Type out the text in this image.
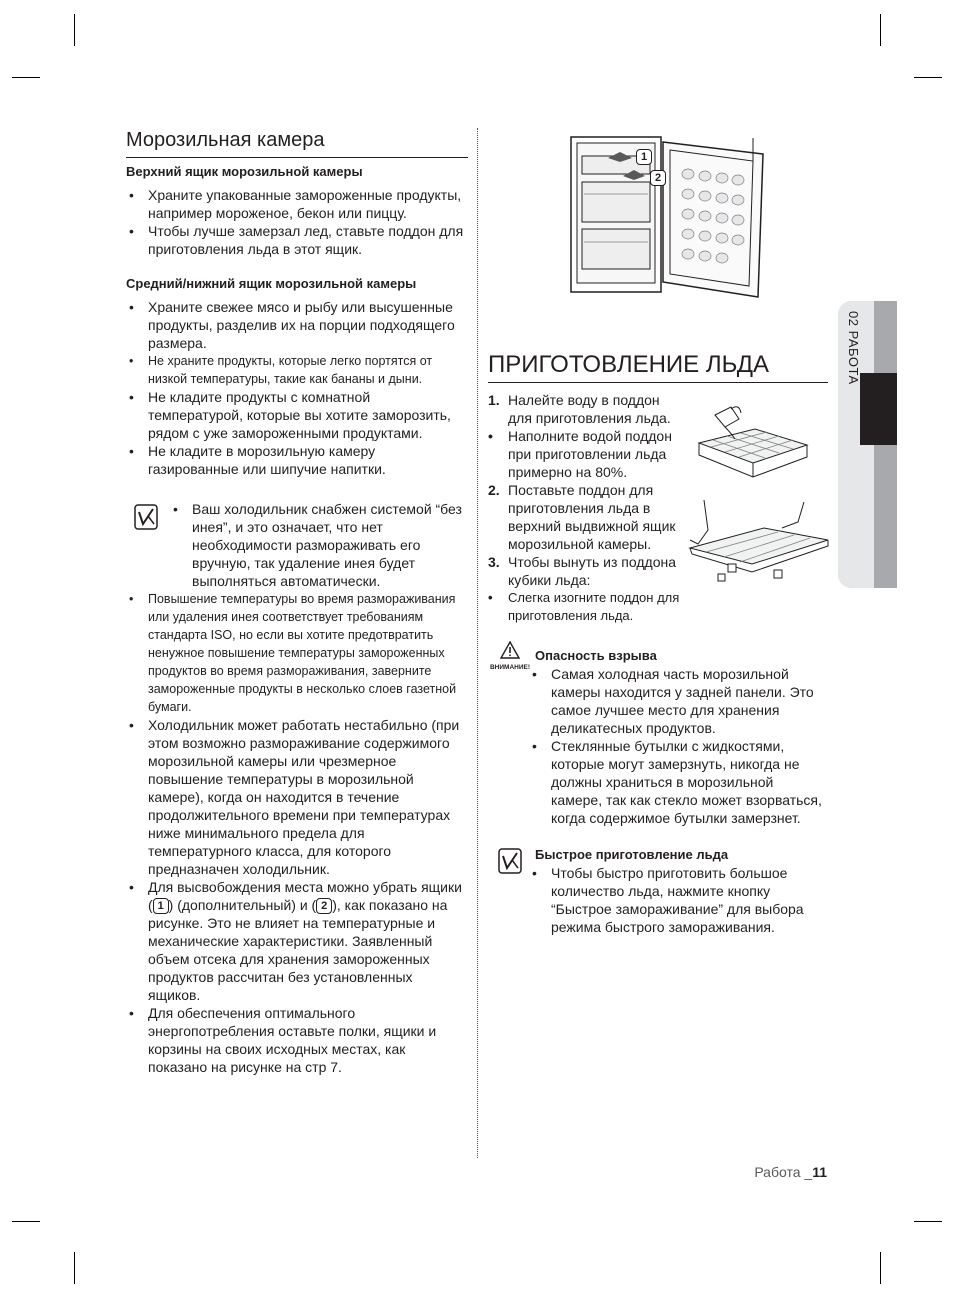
Морозильная камера
Верхний ящик морозильной камеры
• Храните упакованные замороженные продукты, например мороженое, бекон или пиццу.
• Чтобы лучше замерзал лед, ставьте поддон для приготовления льда в этот ящик.
Средний/нижний ящик морозильной камеры
• Храните свежее мясо и рыбу или высушенные продукты, разделив их на порции подходящего размера.
• Не храните продукты, которые легко портятся от низкой температуры, такие как бананы и дыни.
• Не кладите продукты с комнатной температурой, которые вы хотите заморозить, рядом с уже замороженными продуктами.
• Не кладите в морозильную камеру газированные или шипучие напитки.
• Ваш холодильник снабжен системой “без инея”, и это означает, что нет необходимости размораживать его вручную, так удаление инея будет выполняться автоматически.
• Повышение температуры во время размораживания или удаления инея соответствует требованиям стандарта ISO, но если вы хотите предотвратить ненужное повышение температуры замороженных продуктов во время размораживания, заверните замороженные продукты в несколько слоев газетной бумаги.
• Холодильник может работать нестабильно (при этом возможно размораживание содержимого морозильной камеры или чрезмерное повышение температуры в морозильной камере), когда он находится в течение продолжительного времени при температурах ниже минимального предела для температурного класса, для которого предназначен холодильник.
• Для высвобождения места можно убрать ящики ( 1 ) (дополнительный) и ( 2 ), как показано на рисунке. Это не влияет на температурные и механические характеристики. Заявленный объем отсека для хранения замороженных продуктов рассчитан без установленных ящиков.
• Для обеспечения оптимального энергопотребления оставьте полки, ящики и корзины на своих исходных местах, как показано на рисунке на стр 7.
1
2
ПРИГОТОВЛЕНИЕ ЛЬДА
1. Налейте воду в поддон для приготовления льда.
• Наполните водой поддон при приготовлении льда примерно на 80%.
2. Поставьте поддон для приготовления льда в верхний выдвижной ящик морозильной камеры.
3. Чтобы вынуть из поддона кубики льда:
• Слегка изогните поддон для приготовления льда.
ВНИМАНИЕ!
Опасность взрыва
• Самая холодная часть морозильной камеры находится у задней панели. Это самое лучшее место для хранения деликатесных продуктов.
• Стеклянные бутылки с жидкостями, которые могут замерзнуть, никогда не должны храниться в морозильной камере, так как стекло может взорваться, когда содержимое бутылки замерзнет.
Быстрое приготовление льда
• Чтобы быстро приготовить большое количество льда, нажмите кнопку “Быстрое замораживание” для выбора режима быстрого замораживания.
02 РАБОТА
Работа _11
